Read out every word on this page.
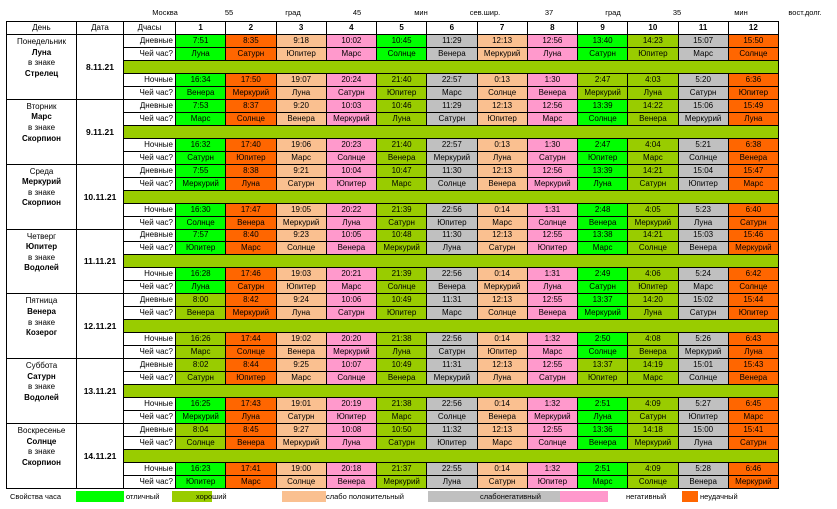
Москва	55	град	45	мин	сев.шир.	37	град	35	мин	вост.долг.
День	Дата	Дчасы	1	2	3	4	5	6	7	8	9	10	11	12

Понедельник
Луна
в знаке
Стрелец	8.11.21	Дневные	7:51	8:35	9:18	10:02	10:45	11:29	12:13	12:56	13:40	14:23	15:07	15:50
		Чей час?	Луна	Сатурн	Юпитер	Марс	Солнце	Венера	Меркурий	Луна	Сатурн	Юпитер	Марс	Солнце

		Ночные	16:34	17:50	19:07	20:24	21:40	22:57	0:13	1:30	2:47	4:03	5:20	6:36
		Чей час?	Венера	Меркурий	Луна	Сатурн	Юпитер	Марс	Солнце	Венера	Меркурий	Луна	Сатурн	Юпитер

Вторник
Марс
в знаке
Скорпион	9.11.21	Дневные	7:53	8:37	9:20	10:03	10:46	11:29	12:13	12:56	13:39	14:22	15:06	15:49
		Чей час?	Марс	Солнце	Венера	Меркурий	Луна	Сатурн	Юпитер	Марс	Солнце	Венера	Меркурий	Луна

		Ночные	16:32	17:40	19:06	20:23	21:40	22:57	0:13	1:30	2:47	4:04	5:21	6:38
		Чей час?	Сатурн	Юпитер	Марс	Солнце	Венера	Меркурий	Луна	Сатурн	Юпитер	Марс	Солнце	Венера

Среда
Меркурий
в знаке
Скорпион	10.11.21	Дневные	7:55	8:38	9:21	10:04	10:47	11:30	12:13	12:56	13:39	14:21	15:04	15:47
		Чей час?	Меркурий	Луна	Сатурн	Юпитер	Марс	Солнце	Венера	Меркурий	Луна	Сатурн	Юпитер	Марс

		Ночные	16:30	17:47	19:05	20:22	21:39	22:56	0:14	1:31	2:48	4:05	5:23	6:40
		Чей час?	Солнце	Венера	Меркурий	Луна	Сатурн	Юпитер	Марс	Солнце	Венера	Меркурий	Луна	Сатурн

Четверг
Юпитер
в знаке
Водолей	11.11.21	Дневные	7:57	8:40	9:23	10:05	10:48	11:30	12:13	12:55	13:38	14:21	15:03	15:46
		Чей час?	Юпитер	Марс	Солнце	Венера	Меркурий	Луна	Сатурн	Юпитер	Марс	Солнце	Венера	Меркурий

		Ночные	16:28	17:46	19:03	20:21	21:39	22:56	0:14	1:31	2:49	4:06	5:24	6:42
		Чей час?	Луна	Сатурн	Юпитер	Марс	Солнце	Венера	Меркурий	Луна	Сатурн	Юпитер	Марс	Солнце

Пятница
Венера
в знаке
Козерог	12.11.21	Дневные	8:00	8:42	9:24	10:06	10:49	11:31	12:13	12:55	13:37	14:20	15:02	15:44
		Чей час?	Венера	Меркурий	Луна	Сатурн	Юпитер	Марс	Солнце	Венера	Меркурий	Луна	Сатурн	Юпитер

		Ночные	16:26	17:44	19:02	20:20	21:38	22:56	0:14	1:32	2:50	4:08	5:26	6:43
		Чей час?	Марс	Солнце	Венера	Меркурий	Луна	Сатурн	Юпитер	Марс	Солнце	Венера	Меркурий	Луна

Суббота
Сатурн
в знаке
Водолей	13.11.21	Дневные	8:02	8:44	9:25	10:07	10:49	11:31	12:13	12:55	13:37	14:19	15:01	15:43
		Чей час?	Сатурн	Юпитер	Марс	Солнце	Венера	Меркурий	Луна	Сатурн	Юпитер	Марс	Солнце	Венера

		Ночные	16:25	17:43	19:01	20:19	21:38	22:56	0:14	1:32	2:51	4:09	5:27	6:45
		Чей час?	Меркурий	Луна	Сатурн	Юпитер	Марс	Солнце	Венера	Меркурий	Луна	Сатурн	Юпитер	Марс

Воскресенье
Солнце
в знаке
Скорпион	14.11.21	Дневные	8:04	8:45	9:27	10:08	10:50	11:32	12:13	12:55	13:36	14:18	15:00	15:41
		Чей час?	Солнце	Венера	Меркурий	Луна	Сатурн	Юпитер	Марс	Солнце	Венера	Меркурий	Луна	Сатурн

		Ночные	16:23	17:41	19:00	20:18	21:37	22:55	0:14	1:32	2:51	4:09	5:28	6:46
		Чей час?	Юпитер	Марс	Солнце	Венера	Меркурий	Луна	Сатурн	Юпитер	Марс	Солнце	Венера	Меркурий
Свойства часа	отличный	хороший	слабо положительный	слабонегативный	негативный	неудачный
